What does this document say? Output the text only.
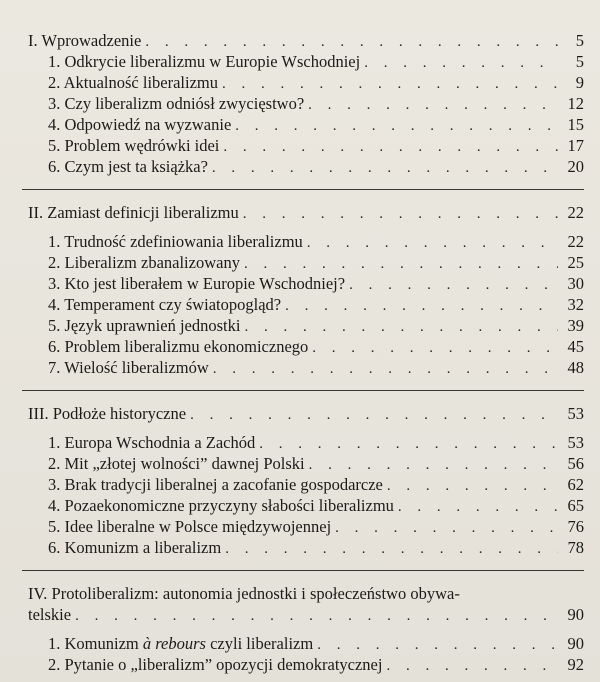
I. Wprowadzenie . . .	5
1. Odkrycie liberalizmu w Europie Wschodniej . . .	5
2. Aktualność liberalizmu . . .	9
3. Czy liberalizm odniósł zwycięstwo? . . .	12
4. Odpowiedź na wyzwanie . . .	15
5. Problem wędrówki idei . . .	17
6. Czym jest ta książka? . . .	20
II. Zamiast definicji liberalizmu . . .	22
1. Trudność zdefiniowania liberalizmu . . .	22
2. Liberalizm zbanalizowany . . .	25
3. Kto jest liberałem w Europie Wschodniej? . . .	30
4. Temperament czy światopogląd? . . .	32
5. Język uprawnień jednostki . . .	39
6. Problem liberalizmu ekonomicznego . . .	45
7. Wielość liberalizmów . . .	48
III. Podłoże historyczne . . .	53
1. Europa Wschodnia a Zachód . . .	53
2. Mit „złotej wolności” dawnej Polski . . .	56
3. Brak tradycji liberalnej a zacofanie gospodarcze . . .	62
4. Pozaekonomiczne przyczyny słabości liberalizmu . . .	65
5. Idee liberalne w Polsce międzywojennej . . .	76
6. Komunizm a liberalizm . . .	78
IV. Protoliberalizm: autonomia jednostki i społeczeństwo obywa-
telskie . . .	90
1. Komunizm à rebours czyli liberalizm . . .	90
2. Pytanie o „liberalizm” opozycji demokratycznej . . .	92
